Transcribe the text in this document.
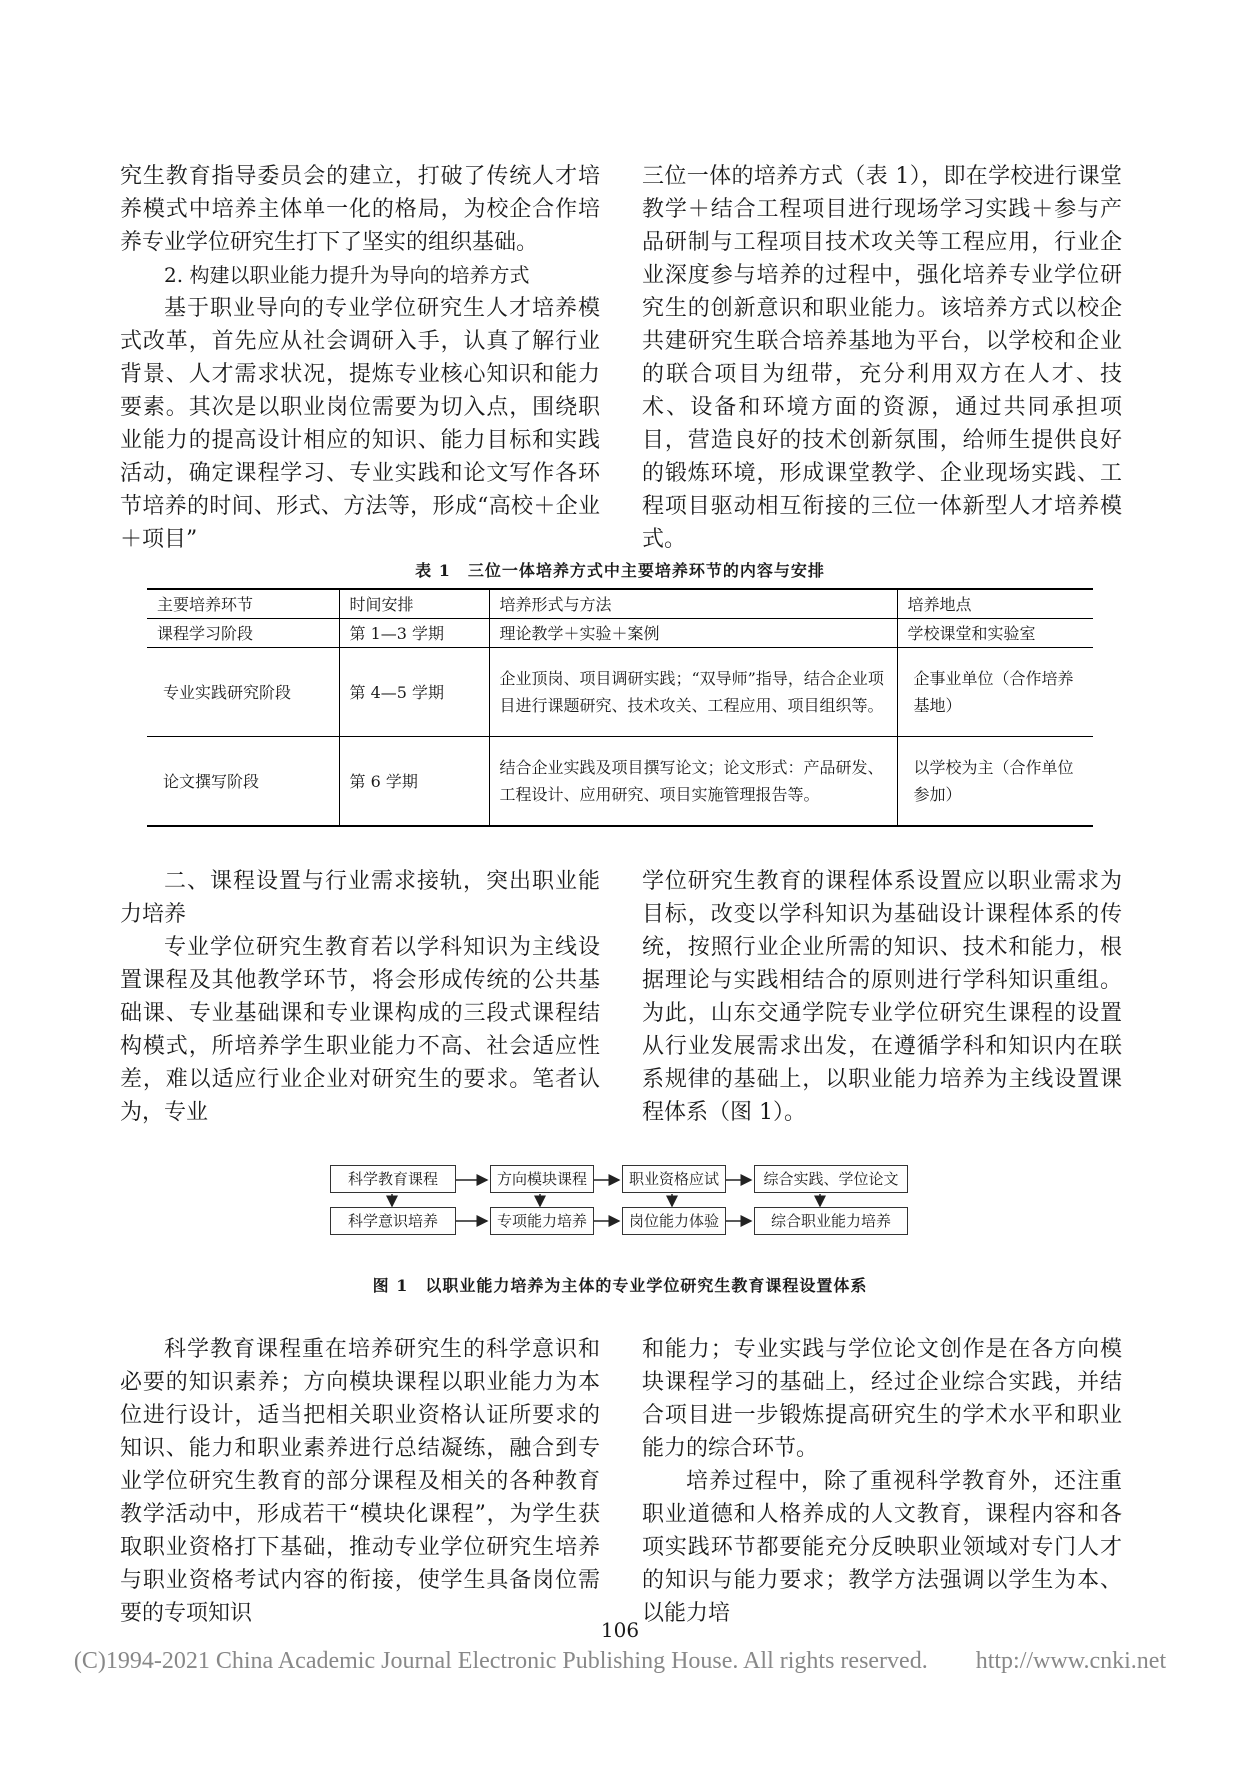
究生教育指导委员会的建立，打破了传统人才培养模式中培养主体单一化的格局，为校企合作培养专业学位研究生打下了坚实的组织基础。

2. 构建以职业能力提升为导向的培养方式

基于职业导向的专业学位研究生人才培养模式改革，首先应从社会调研入手，认真了解行业背景、人才需求状况，提炼专业核心知识和能力要素。其次是以职业岗位需要为切入点，围绕职业能力的提高设计相应的知识、能力目标和实践活动，确定课程学习、专业实践和论文写作各环节培养的时间、形式、方法等，形成“高校＋企业＋项目”

三位一体的培养方式（表 1），即在学校进行课堂教学＋结合工程项目进行现场学习实践＋参与产品研制与工程项目技术攻关等工程应用，行业企业深度参与培养的过程中，强化培养专业学位研究生的创新意识和职业能力。该培养方式以校企共建研究生联合培养基地为平台，以学校和企业的联合项目为纽带，充分利用双方在人才、技术、设备和环境方面的资源，通过共同承担项目，营造良好的技术创新氛围，给师生提供良好的锻炼环境，形成课堂教学、企业现场实践、工程项目驱动相互衔接的三位一体新型人才培养模式。

表 1　三位一体培养方式中主要培养环节的内容与安排
主要培养环节	时间安排	培养形式与方法	培养地点
课程学习阶段	第 1—3 学期	理论教学＋实验＋案例	学校课堂和实验室
专业实践研究阶段	第 4—5 学期	企业顶岗、项目调研实践；“双导师”指导，结合企业项目进行课题研究、技术攻关、工程应用、项目组织等。	企事业单位（合作培养基地）
论文撰写阶段	第 6 学期	结合企业实践及项目撰写论文；论文形式：产品研发、工程设计、应用研究、项目实施管理报告等。	以学校为主（合作单位参加）

二、课程设置与行业需求接轨，突出职业能力培养

专业学位研究生教育若以学科知识为主线设置课程及其他教学环节，将会形成传统的公共基础课、专业基础课和专业课构成的三段式课程结构模式，所培养学生职业能力不高、社会适应性差，难以适应行业企业对研究生的要求。笔者认为，专业

学位研究生教育的课程体系设置应以职业需求为目标，改变以学科知识为基础设计课程体系的传统，按照行业企业所需的知识、技术和能力，根据理论与实践相结合的原则进行学科知识重组。为此，山东交通学院专业学位研究生课程的设置从行业发展需求出发，在遵循学科和知识内在联系规律的基础上，以职业能力培养为主线设置课程体系（图 1）。

科学教育课程	方向模块课程	职业资格应试	综合实践、学位论文
科学意识培养	专项能力培养	岗位能力体验	综合职业能力培养
图 1　以职业能力培养为主体的专业学位研究生教育课程设置体系

科学教育课程重在培养研究生的科学意识和必要的知识素养；方向模块课程以职业能力为本位进行设计，适当把相关职业资格认证所要求的知识、能力和职业素养进行总结凝练，融合到专业学位研究生教育的部分课程及相关的各种教育教学活动中，形成若干“模块化课程”，为学生获取职业资格打下基础，推动专业学位研究生培养与职业资格考试内容的衔接，使学生具备岗位需要的专项知识

和能力；专业实践与学位论文创作是在各方向模块课程学习的基础上，经过企业综合实践，并结合项目进一步锻炼提高研究生的学术水平和职业能力的综合环节。

培养过程中，除了重视科学教育外，还注重职业道德和人格养成的人文教育，课程内容和各项实践环节都要能充分反映职业领域对专门人才的知识与能力要求；教学方法强调以学生为本、以能力培

106
(C)1994-2021 China Academic Journal Electronic Publishing House. All rights reserved.　　http://www.cnki.net
